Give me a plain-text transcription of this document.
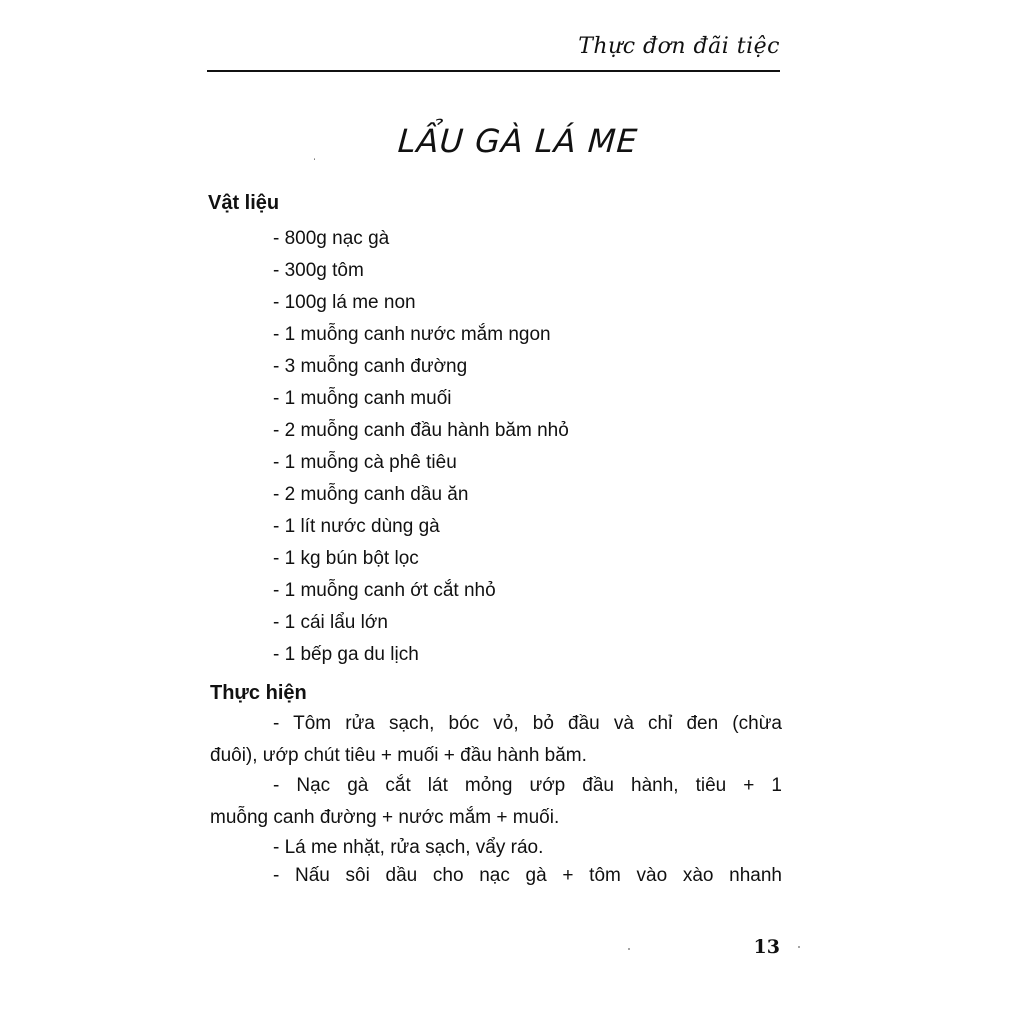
Thực đơn đãi tiệc
ˌ	LẨU GÀ LÁ ME
Vật liệu
- 800g nạc gà
- 300g tôm
- 100g lá me non
- 1 muỗng canh nước mắm ngon
- 3 muỗng canh đường
- 1 muỗng canh muối
- 2 muỗng canh đầu hành băm nhỏ
- 1 muỗng cà phê tiêu
- 2 muỗng canh dầu ăn
- 1 lít nước dùng gà
- 1 kg bún bột lọc
- 1 muỗng canh ớt cắt nhỏ
- 1 cái lẩu lớn
- 1 bếp ga du lịch
Thực hiện
- Tôm rửa sạch, bóc vỏ, bỏ đầu và chỉ đen (chừa
đuôi), ướp chút tiêu + muối + đầu hành băm.
- Nạc gà cắt lát mỏng ướp đầu hành, tiêu + 1
muỗng canh đường + nước mắm + muối.
- Lá me nhặt, rửa sạch, vẩy ráo.
- Nấu sôi dầu cho nạc gà + tôm vào xào nhanh
13
